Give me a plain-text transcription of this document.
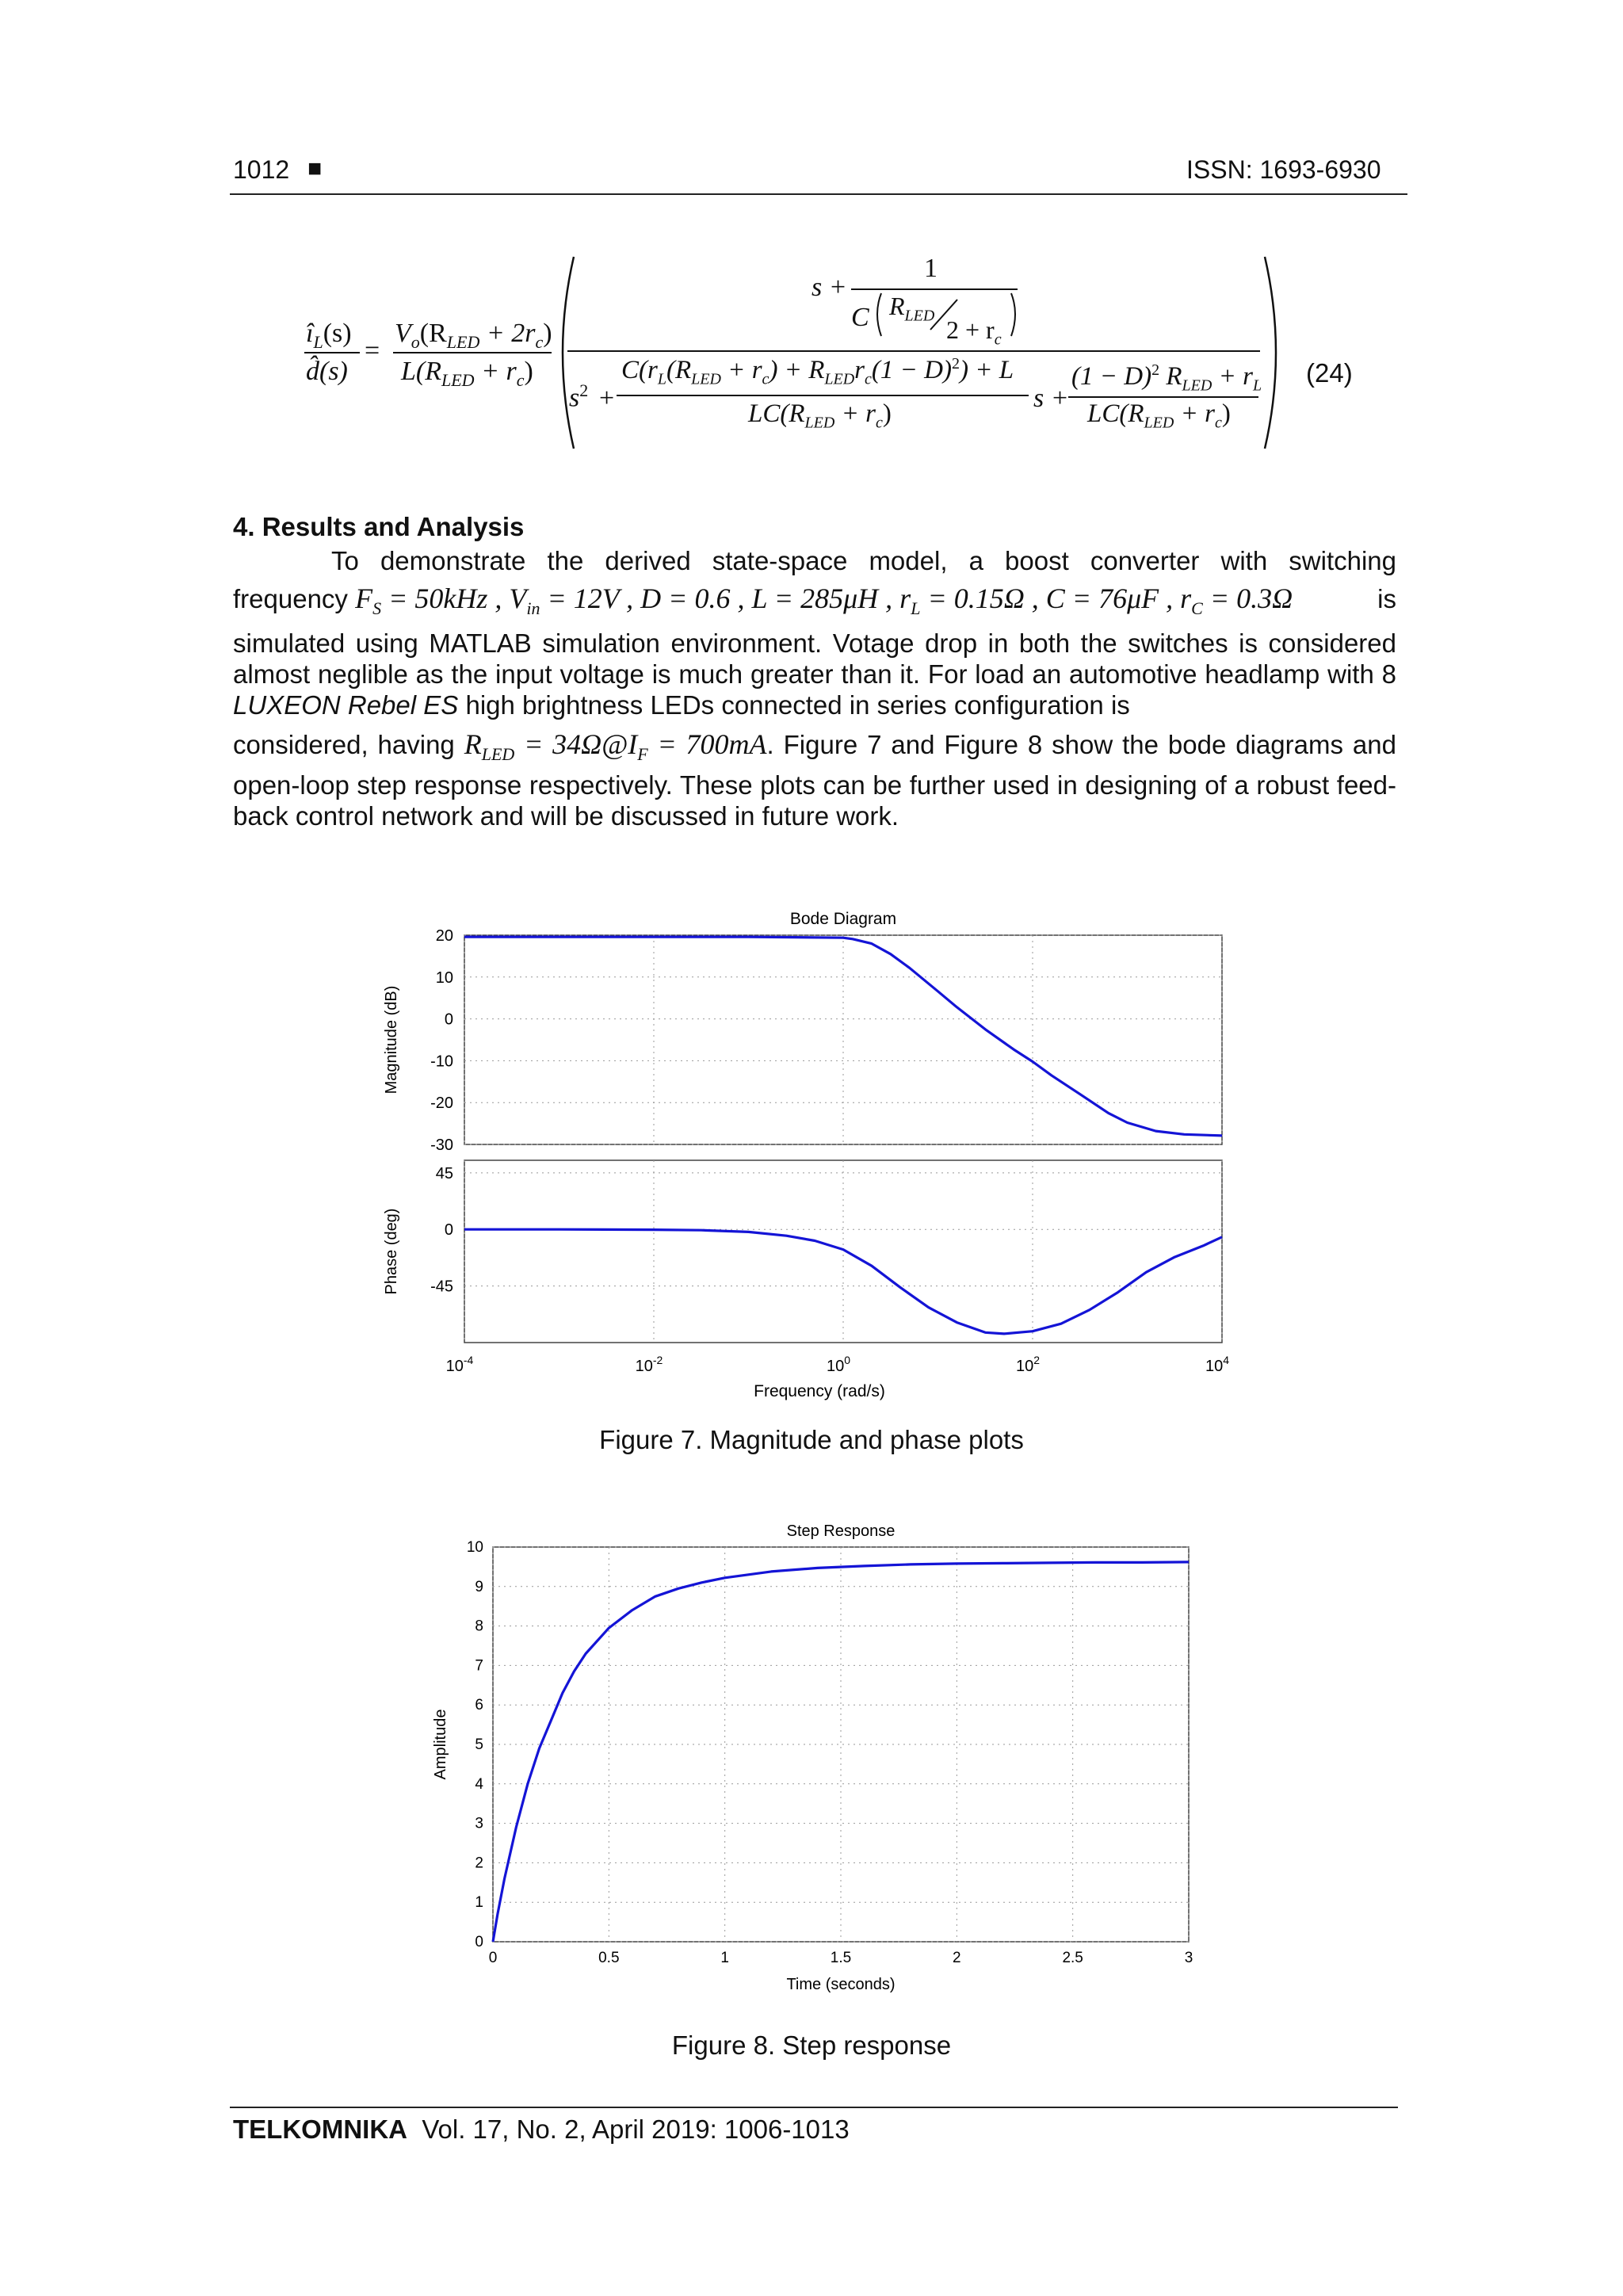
1012 ■	ISSN: 1693-6930
$î_L(s)$
d̂(s)
=
$V_o(R_{LED} + 2r_c)$
$L(R_{LED} + r_c)$
s +
1
C $R_{LED}$ $2 + r_c$
$s^2$ +
$C(r_L(R_{LED} + r_c) + R_{LED}r_c(1 - D)^2) + L$
$LC(R_{LED} + r_c)$
s +
$(1 - D)^2$ $R_{LED} + r_L$
$LC(R_{LED} + r_c)$
(24)
4. Results and Analysis
To demonstrate the derived state-space model, a boost converter with switching
frequency $F_S = 50kHz$ , $V_{in} = 12V$ , D = 0.6 , L = 285μH , $r_L = 0.15\Omega$ , C = 76μF , $r_C = 0.3\Omega$	is
simulated using MATLAB simulation environment. Votage drop in both the switches is considered almost neglible as the input voltage is much greater than it. For load an automotive headlamp with 8 LUXEON Rebel ES high brightness LEDs connected in series configuration is
considered, having $R_{LED}$ = $34\Omega@I_F = 700mA$. Figure 7 and Figure 8 show the bode diagrams and open-loop step response respectively. These plots can be further used in designing of a robust feed-back control network and will be discussed in future work.
Bode Diagram
20
10
0
-10
-20
-30
Magnitude (dB)
45
0
-45
Phase (deg)
$10^{-4}$	$10^{-2}$	$10^0$	$10^2$	$10^4$
Frequency (rad/s)
Figure 7. Magnitude and phase plots
Step Response
0	0.5	1	1.5	2	2.5	3
0
1
2
3
4
5
6
7
8
9
10
Amplitude
Time (seconds)
Figure 8. Step response
TELKOMNIKA Vol. 17, No. 2, April 2019: 1006-1013
